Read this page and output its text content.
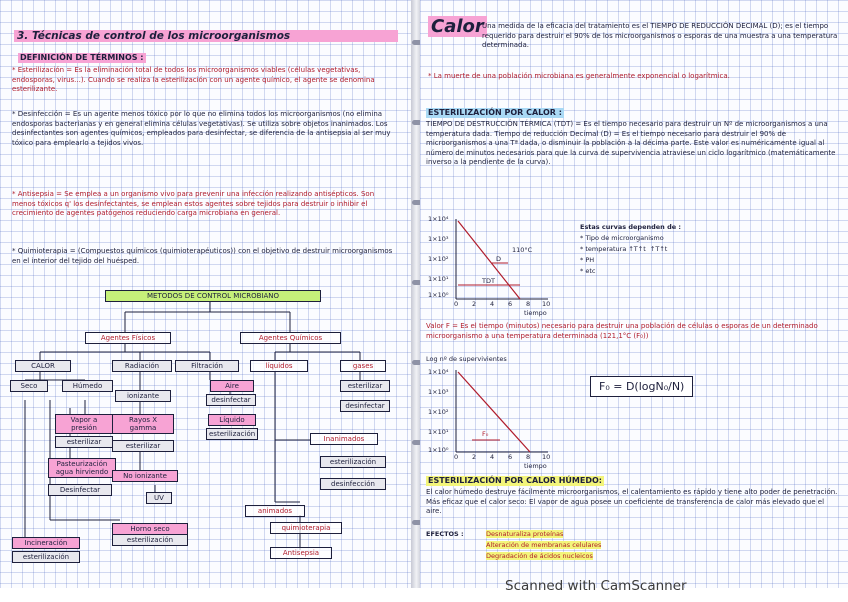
3. Técnicas de control de los microorganismos
DEFINICIÓN DE TÉRMINOS :

* Esterilización = Es la eliminación total de todos los microorganismos viables (células vegetativas, endosporas, virus...). Cuando se realiza la esterilización con un agente químico, el agente se denomina esterilizante.

* Desinfección = Es un agente menos tóxico por lo que no elimina todos los microorganismos (no elimina endosporas bacterianas y en general elimina células vegetativas). Se utiliza sobre objetos inanimados. Los desinfectantes son agentes químicos, empleados para desinfectar, se diferencia de la antisepsia al ser muy tóxico para emplearlo a tejidos vivos.

* Antisepsia = Se emplea a un organismo vivo para prevenir una infección realizando antisépticos. Son menos tóxicos q' los desinfectantes, se emplean estos agentes sobre tejidos para destruir o inhibir el crecimiento de agentes patógenos reduciendo carga microbiana en general.

* Quimioterapia = (Compuestos químicos (quimioterapéuticos)) con el objetivo de destruir microorganismos en el interior del tejido del huésped.

METODOS DE CONTROL MICROBIANO
Agentes Físicos	Agentes Químicos
CALOR	Radiación	Filtración	líquidos	gases
Seco	Húmedo
Vapor a presión
esterilizar
Pasteurización agua hirviendo
Desinfectar
ionizante
Rayos X gamma
esterilizar
No ionizante
UV
Aire
desinfectar
Líquido
esterilización
Horno seco
esterilización
Incineración
esterilización
esterilizar
desinfectar
Inanimados
esterilización
desinfección
animados
quimioterapia
Antisepsia
Calor

Una medida de la eficacia del tratamiento es el TIEMPO DE REDUCCIÓN DECIMAL (D); es el tiempo requerido para destruir el 90% de los microorganismos o esporas de una muestra a una temperatura determinada.

* La muerte de una población microbiana es generalmente exponencial o logarítmica.

ESTERILIZACIÓN POR CALOR :

TIEMPO DE DESTRUCCIÓN TÉRMICA (TDT) = Es el tiempo necesario para destruir un Nº de microorganismos a una temperatura dada. Tiempo de reducción Decimal (D) = Es el tiempo necesario para destruir el 90% de microorganismos a una Tª dada, o disminuir la población a la décima parte. Este valor es numéricamente igual al número de minutos necesarios para que la curva de supervivencia atraviese un ciclo logarítmico (matemáticamente inverso a la pendiente de la curva).

1×10⁴
1×10³
1×10²
1×10¹
1×10⁰
0 2 4 6 8 10
110°C
D
TDT
tiempo
Estas curvas dependen de :
* Tipo de microorganismo
* temperatura ↑T↑t  ↑T↑t
* PH
* etc

Valor F = Es el tiempo (minutos) necesario para destruir una población de células o esporas de un determinado microorganismo a una temperatura determinada (121,1°C (F₀))

Log nº de supervivientes
1×10⁴
1×10³
1×10²
1×10¹
1×10⁰
0 2 4 6 8 10
F₀
tiempo
F₀ = D(logN₀/N)
ESTERILIZACIÓN POR CALOR HÚMEDO:

El calor húmedo destruye fácilmente microorganismos, el calentamiento es rápido y tiene alto poder de penetración. Más eficaz que el calor seco: El vapor de agua posee un coeficiente de transferencia de calor más elevado que el aire.

EFECTOS :	Desnaturaliza proteínas
Alteración de membranas celulares
Degradación de ácidos nucleicos
Scanned with CamScanner
